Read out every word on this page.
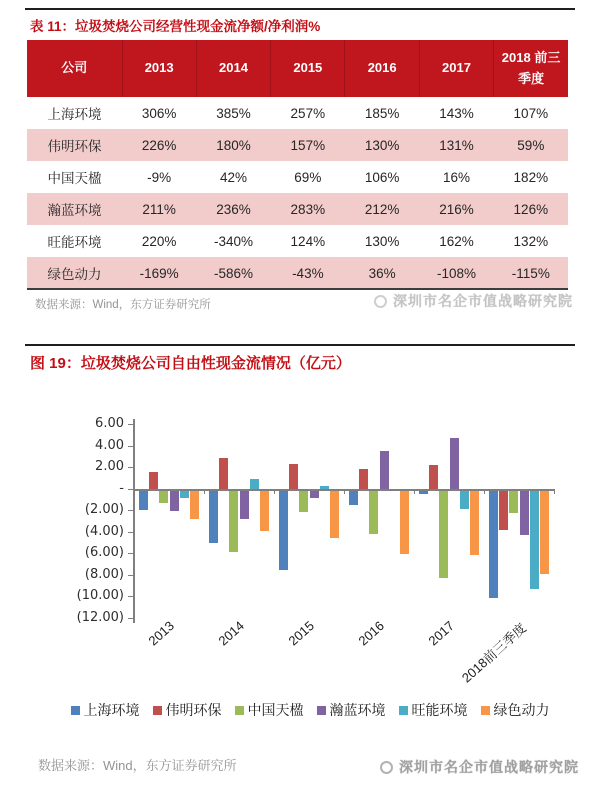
表 11：垃圾焚烧公司经营性现金流净额/净利润%
公司	2013	2014	2015	2016	2017	2018 前三季度
上海环境	306%	385%	257%	185%	143%	107%
伟明环保	226%	180%	157%	130%	131%	59%
中国天楹	-9%	42%	69%	106%	16%	182%
瀚蓝环境	211%	236%	283%	212%	216%	126%
旺能环境	220%	-340%	124%	130%	162%	132%
绿色动力	-169%	-586%	-43%	36%	-108%	-115%
数据来源：Wind，东方证券研究所	深圳市名企市值战略研究院
图 19：垃圾焚烧公司自由性现金流情况（亿元）
上海环境 伟明环保 中国天楹 瀚蓝环境 旺能环境 绿色动力
6.00
4.00
2.00
-
(2.00)
(4.00)
(6.00)
(8.00)
(10.00)
(12.00)
2013	2014	2015	2016	2017 2018前三季度
数据来源：Wind，东方证券研究所	深圳市名企市值战略研究院
